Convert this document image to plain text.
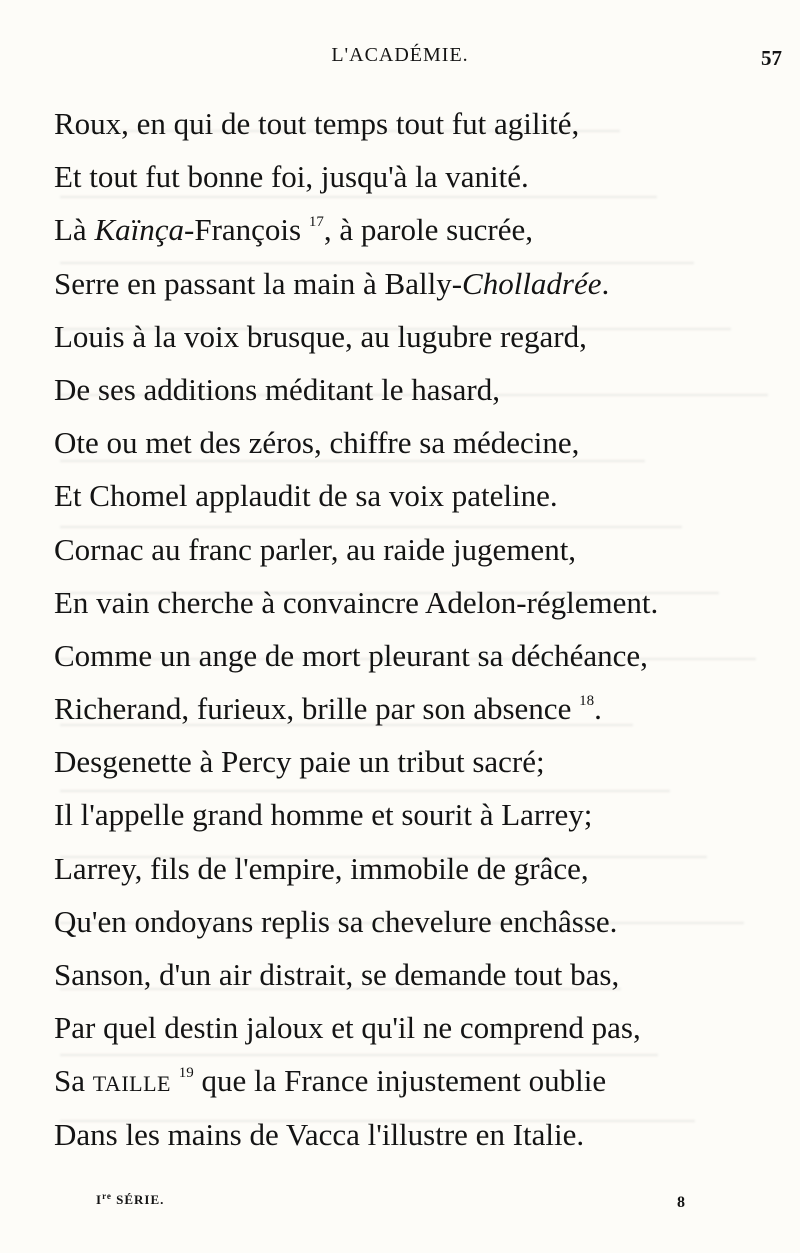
L'ACADÉMIE.	57
Roux, en qui de tout temps tout fut agilité,
Et tout fut bonne foi, jusqu'à la vanité.
Là Kaïnça-François $^{17}$, à parole sucrée,
Serre en passant la main à Bally-Cholladrée.
Louis à la voix brusque, au lugubre regard,
De ses additions méditant le hasard,
Ote ou met des zéros, chiffre sa médecine,
Et Chomel applaudit de sa voix pateline.
Cornac au franc parler, au raide jugement,
En vain cherche à convaincre Adelon-réglement.
Comme un ange de mort pleurant sa déchéance,
Richerand, furieux, brille par son absence $^{18}$.
Desgenette à Percy paie un tribut sacré;
Il l'appelle grand homme et sourit à Larrey;
Larrey, fils de l'empire, immobile de grâce,
Qu'en ondoyans replis sa chevelure enchâsse.
Sanson, d'un air distrait, se demande tout bas,
Par quel destin jaloux et qu'il ne comprend pas,
Sa taille $^{19}$ que la France injustement oublie
Dans les mains de Vacca l'illustre en Italie.
Ire SÉRIE.	8
